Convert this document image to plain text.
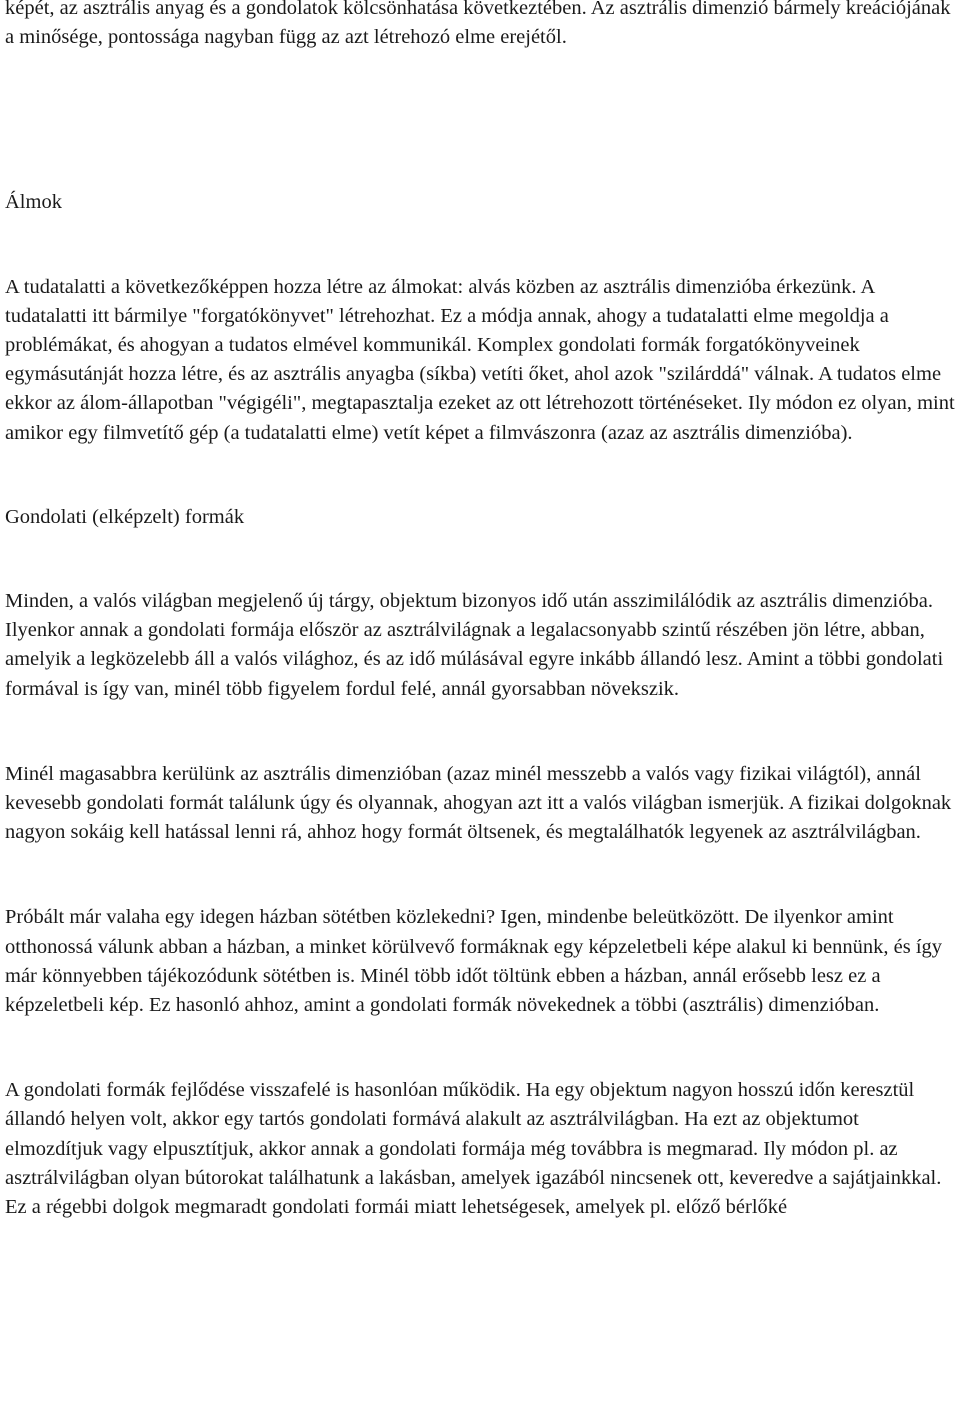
képét, az asztrális anyag és a gondolatok kölcsönhatása következtében. Az asztrális dimenzió bármely kreációjának a minősége, pontossága nagyban függ az azt létrehozó elme erejétől.

Álmok

A tudatalatti a következőképpen hozza létre az álmokat: alvás közben az asztrális dimenzióba érkezünk. A tudatalatti itt bármilye "forgatókönyvet" létrehozhat. Ez a módja annak, ahogy a tudatalatti elme megoldja a problémákat, és ahogyan a tudatos elmével kommunikál. Komplex gondolati formák forgatókönyveinek egymásutánját hozza létre, és az asztrális anyagba (síkba) vetíti őket, ahol azok "szilárddá" válnak. A tudatos elme ekkor az álom-állapotban "végigéli", megtapasztalja ezeket az ott létrehozott történéseket. Ily módon ez olyan, mint amikor egy filmvetítő gép (a tudatalatti elme) vetít képet a filmvászonra (azaz az asztrális dimenzióba).

Gondolati (elképzelt) formák

Minden, a valós világban megjelenő új tárgy, objektum bizonyos idő után asszimilálódik az asztrális dimenzióba. Ilyenkor annak a gondolati formája először az asztrálvilágnak a legalacsonyabb szintű részében jön létre, abban, amelyik a legközelebb áll a valós világhoz, és az idő múlásával egyre inkább állandó lesz. Amint a többi gondolati formával is így van, minél több figyelem fordul felé, annál gyorsabban növekszik.

Minél magasabbra kerülünk az asztrális dimenzióban (azaz minél messzebb a valós vagy fizikai világtól), annál kevesebb gondolati formát találunk úgy és olyannak, ahogyan azt itt a valós világban ismerjük. A fizikai dolgoknak nagyon sokáig kell hatással lenni rá, ahhoz hogy formát öltsenek, és megtalálhatók legyenek az asztrálvilágban.

Próbált már valaha egy idegen házban sötétben közlekedni? Igen, mindenbe beleütközött. De ilyenkor amint otthonossá válunk abban a házban, a minket körülvevő formáknak egy képzeletbeli képe alakul ki bennünk, és így már könnyebben tájékozódunk sötétben is. Minél több időt töltünk ebben a házban, annál erősebb lesz ez a képzeletbeli kép. Ez hasonló ahhoz, amint a gondolati formák növekednek a többi (asztrális) dimenzióban.

A gondolati formák fejlődése visszafelé is hasonlóan működik. Ha egy objektum nagyon hosszú időn keresztül állandó helyen volt, akkor egy tartós gondolati formává alakult az asztrálvilágban. Ha ezt az objektumot elmozdítjuk vagy elpusztítjuk, akkor annak a gondolati formája még továbbra is megmarad. Ily módon pl. az asztrálvilágban olyan bútorokat találhatunk a lakásban, amelyek igazából nincsenek ott, keveredve a sajátjainkkal. Ez a régebbi dolgok megmaradt gondolati formái miatt lehetségesek, amelyek pl. előző bérlőké
